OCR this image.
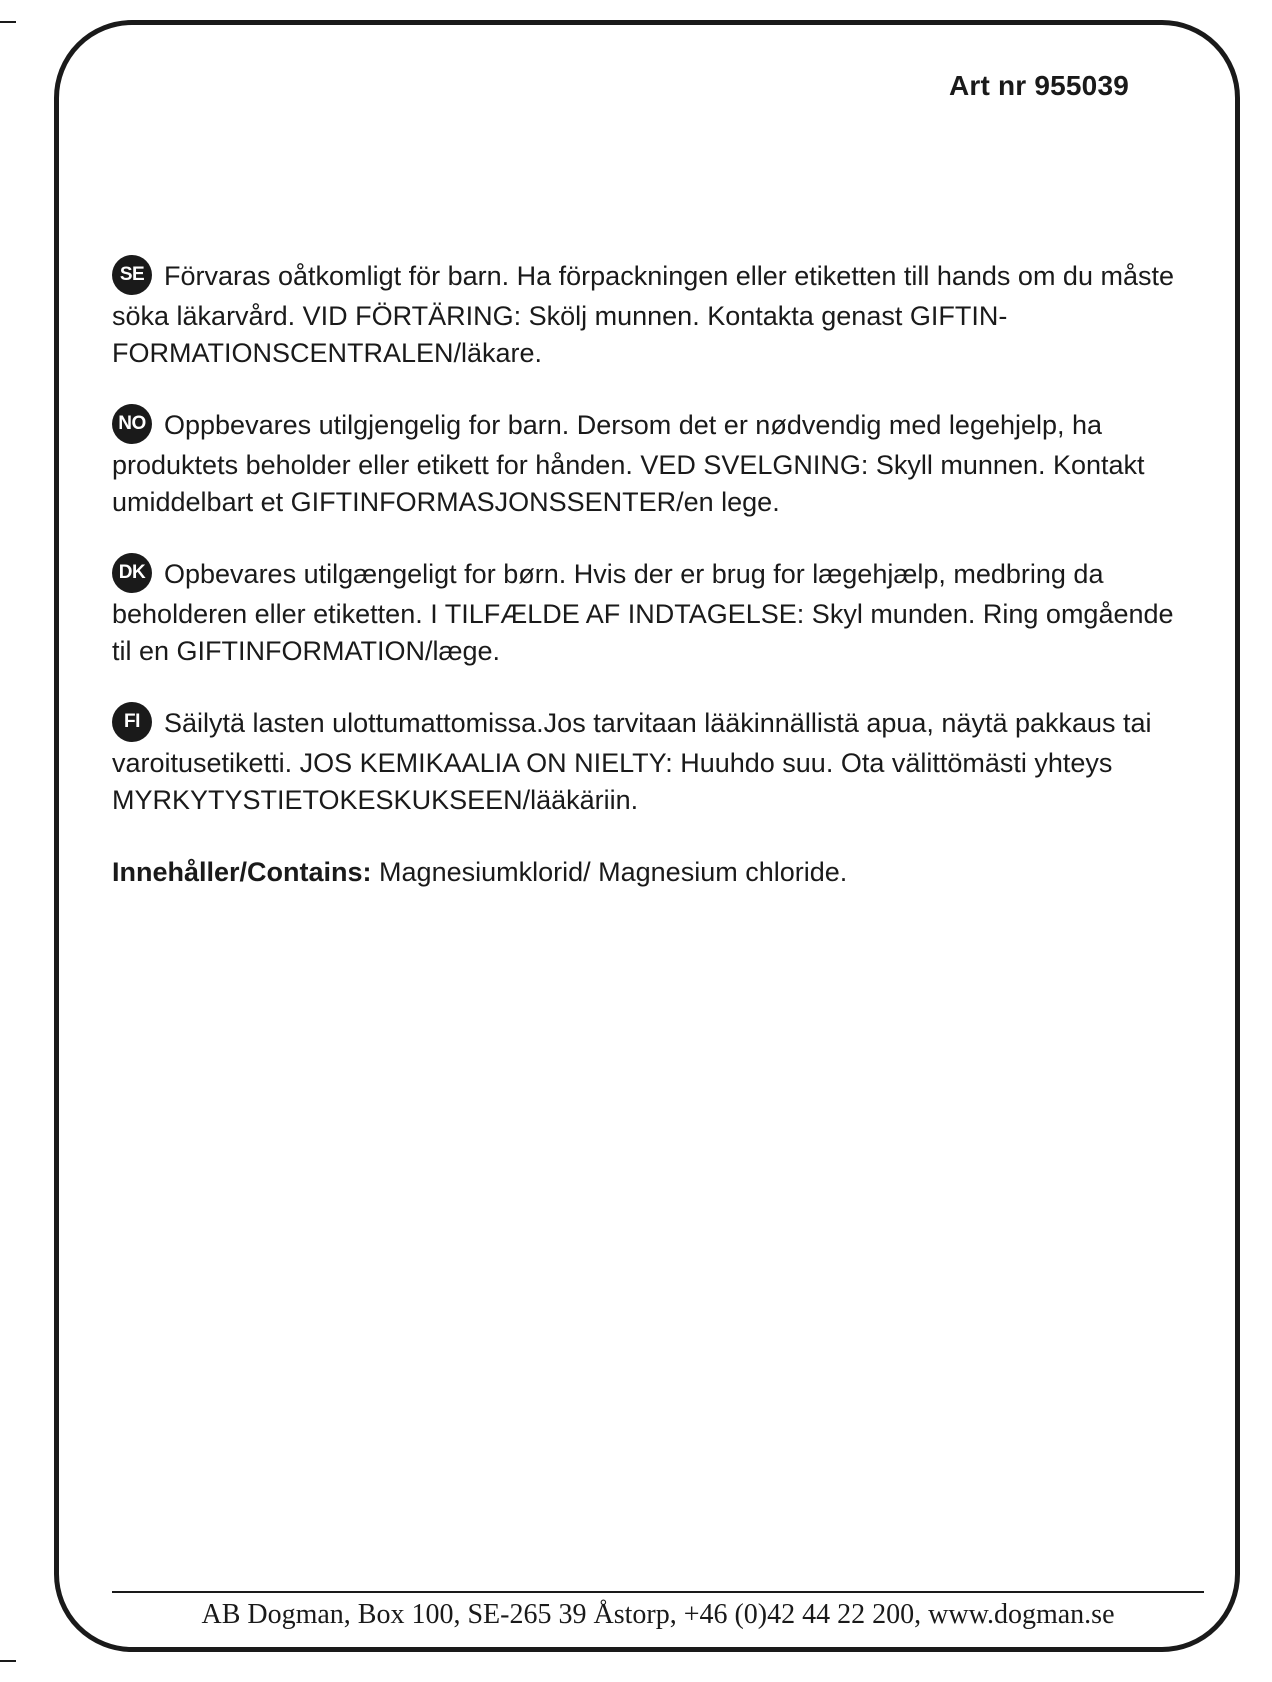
Art nr 955039

SE Förvaras oåtkomligt för barn. Ha förpackningen eller etiketten till hands om du måste söka läkarvård. VID FÖRTÄRING: Skölj munnen. Kontakta genast GIFTIN-FORMATIONSCENTRALEN/läkare.

NO Oppbevares utilgjengelig for barn. Dersom det er nødvendig med legehjelp, ha produktets beholder eller etikett for hånden. VED SVELGNING: Skyll munnen. Kontakt umiddelbart et GIFTINFORMASJONSSENTER/en lege.

DK Opbevares utilgængeligt for børn. Hvis der er brug for lægehjælp, medbring da beholderen eller etiketten. I TILFÆLDE AF INDTAGELSE: Skyl munden. Ring omgående til en GIFTINFORMATION/læge.

FI Säilytä lasten ulottumattomissa.Jos tarvitaan lääkinnällistä apua, näytä pakkaus tai varoitusetiketti. JOS KEMIKAALIA ON NIELTY: Huuhdo suu. Ota välittömästi yhteys MYRKYTYSTIETOKESKUKSEEN/lääkäriin.

Innehåller/Contains: Magnesiumklorid/ Magnesium chloride.
AB Dogman, Box 100, SE-265 39 Åstorp, +46 (0)42 44 22 200, www.dogman.se
